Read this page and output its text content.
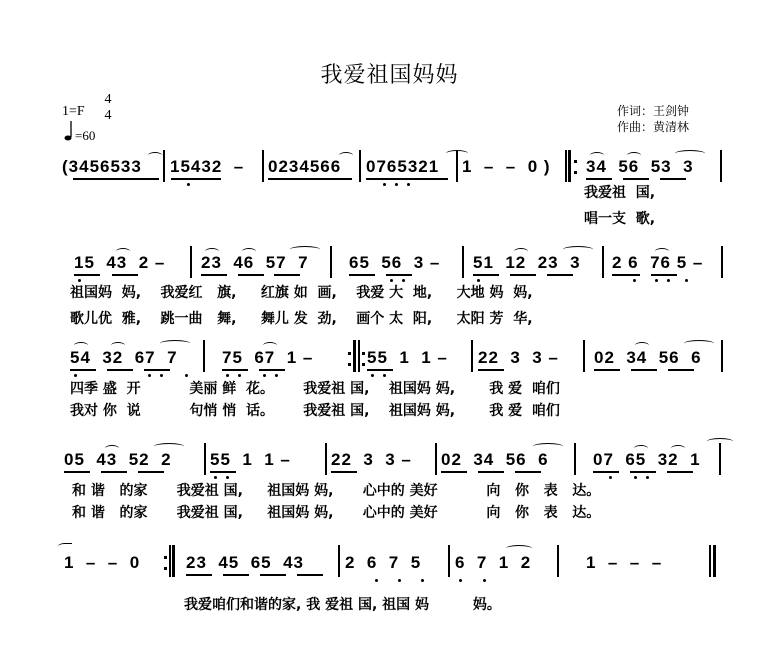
我爱祖国妈妈
1=F
4
4
=60
作词：王剑钟
作曲：黄清林
(3456533 15432  – 0234566 0765321 1  –  –  0 ) 34  56  53  3
我爱祖  国,
唱一支  歌,
15  43  2 – 23  46  57  7 65  56  3 – 51  12  23  3 2 6  76 5 –
祖国妈  妈,    我爱红   旗,     红旗 如  画,    我爱 大  地,     大地 妈  妈,
歌儿优  雅,    跳一曲   舞,     舞儿 发  劲,    画个 太  阳,     太阳 芳  华,
54  32  67  7	75  67  1 –	55  1  1 – 22  3  3 – 02  34  56  6
四季 盛  开          美丽 鲜  花。      我爱祖 国,    祖国妈 妈,       我 爱  咱们
我对 你  说          句悄 悄  话。      我爱祖 国,    祖国妈 妈,       我 爱  咱们
05  43  52  2 55  1  1 – 22  3  3 – 02  34  56  6	07  65  32  1
和 谐   的家      我爱祖 国,     祖国妈 妈,      心中的 美好          向   你   表   达。
和 谐   的家      我爱祖 国,     祖国妈 妈,      心中的 美好          向   你   表   达。
1  –  –  0	23  45  65  43 2  6  7  5 6  7  1  2	1  –  –  –
我爱咱们和谐的家, 我 爱祖 国, 祖国 妈         妈。
